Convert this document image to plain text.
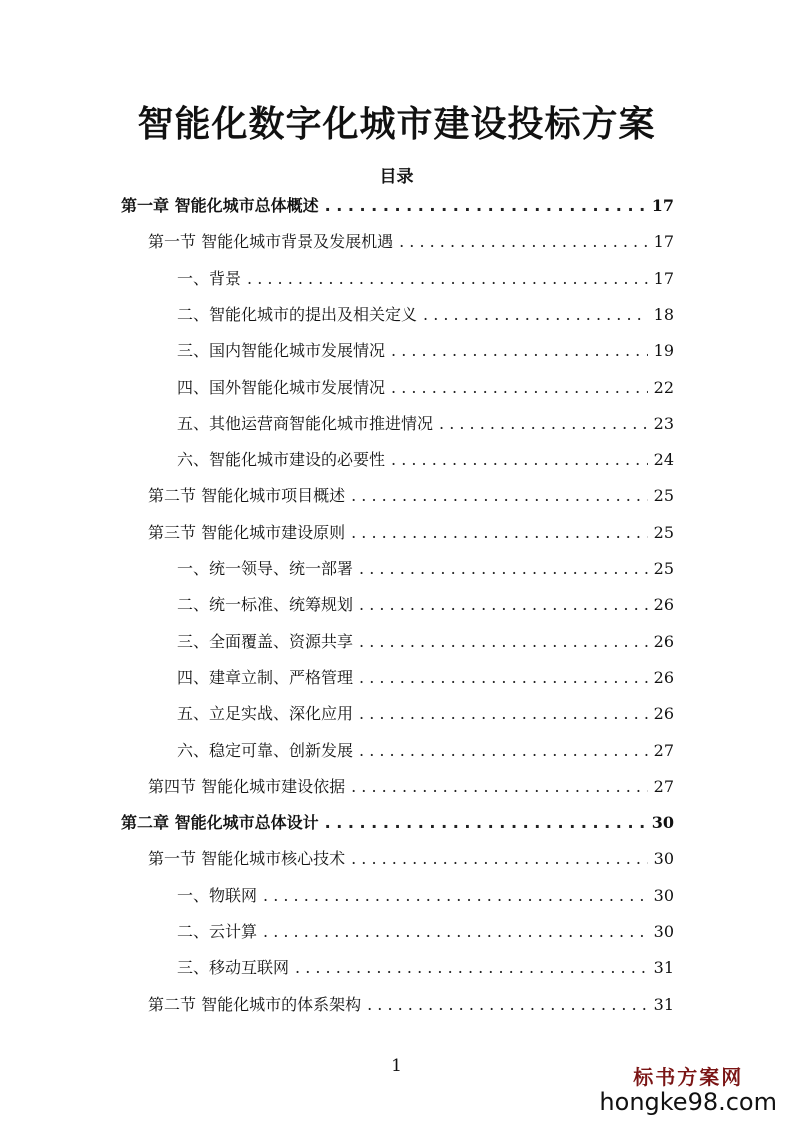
智能化数字化城市建设投标方案
目录
第一章 智能化城市总体概述 . . .	17
第一节 智能化城市背景及发展机遇 . . .	17
一、背景 . . .	17
二、智能化城市的提出及相关定义 . . .	18
三、国内智能化城市发展情况 . . .	19
四、国外智能化城市发展情况 . . .	22
五、其他运营商智能化城市推进情况 . . .	23
六、智能化城市建设的必要性 . . .	24
第二节 智能化城市项目概述 . . .	25
第三节 智能化城市建设原则 . . .	25
一、统一领导、统一部署 . . .	25
二、统一标准、统筹规划 . . .	26
三、全面覆盖、资源共享 . . .	26
四、建章立制、严格管理 . . .	26
五、立足实战、深化应用 . . .	26
六、稳定可靠、创新发展 . . .	27
第四节 智能化城市建设依据 . . .	27
第二章 智能化城市总体设计 . . .	30
第一节 智能化城市核心技术 . . .	30
一、物联网 . . .	30
二、云计算 . . .	30
三、移动互联网 . . .	31
第二节 智能化城市的体系架构 . . .	31
1	标书方案网
hongke98.com
